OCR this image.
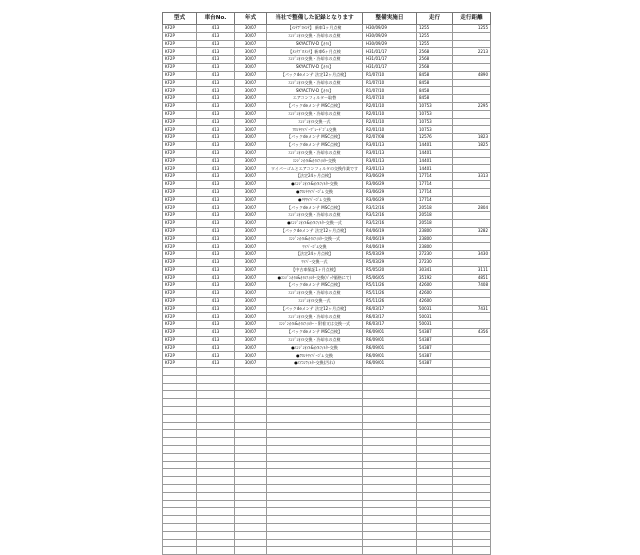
型式	車台No.	年式	当社で整備した記録となります	整備実施日	走行	走行距離
KF2P	413	30/07	【ﾒﾝﾃﾌﾟﾛﾒﾝﾃ】 新車1ヶ月点検	H30/09/29	1255	1255
KF2P	413	30/07	ｴﾝｼﾞﾝｵｲﾙ交換・冷却水の点検	H30/09/29	1255	
KF2P	413	30/07	SKYACTIV-D【ｵｲﾙ】	H30/09/29	1255	
KF2P	413	30/07	【ﾒﾝﾃﾌﾟﾛﾒﾝﾃ】新車6ヶ月点検	H31/01/17	2568	2213
KF2P	413	30/07	ｴﾝｼﾞﾝｵｲﾙ交換・冷却水の点検	H31/01/17	2568	
KF2P	413	30/07	SKYACTIV-D【ｵｲﾙ】	H31/01/17	2568	
KF2P	413	30/07	【パックdeメンテ 法定12ヶ月点検】	R1/07/10	8458	4890
KF2P	413	30/07	ｴﾝｼﾞﾝｵｲﾙ交換・冷却水の点検	R1/07/10	8458	
KF2P	413	30/07	SKYACTIV-D【ｵｲﾙ】	R1/07/10	8458	
KF2P	413	30/07	エアコンフィルター取替	R1/07/10	8458	
KF2P	413	30/07	【パックdeメンテ MSC点検】	R2/01/10	10753	2295
KF2P	413	30/07	ｴﾝｼﾞﾝｵｲﾙ交換・冷却水の点検	R2/01/10	10753	
KF2P	413	30/07	ｴﾝｼﾞﾝｵｲﾙ交換一式	R2/01/10	10753	
KF2P	413	30/07	ﾌﾛﾝﾄﾜｲﾊﾟｰﾌﾞﾚｰﾄﾞｺﾞﾑ交換	R2/01/10	10753	
KF2P	413	30/07	【パックdeメンテ MSC点検】	R2/07/08	12576	1823
KF2P	413	30/07	【パックdeメンテ MSC点検】	R3/01/13	14401	1825
KF2P	413	30/07	ｴﾝｼﾞﾝｵｲﾙ交換・冷却水の点検	R3/01/13	14401	
KF2P	413	30/07	ｴﾝｼﾞﾝｵｲﾙ&ｵｲﾙﾌｨﾙﾀｰ交換	R3/01/13	14401	
KF2P	413	30/07	ワイパーゴムとエアコンフィルタの交換作業です	R3/01/13	14401	
KF2P	413	30/07	【法定24ヶ月点検】	R3/06/29	17714	3313
KF2P	413	30/07	●ｴﾝｼﾞﾝｵｲﾙ&ｵｲﾙﾌｨﾙﾀｰ交換	R3/06/29	17714	
KF2P	413	30/07	●ﾌﾛﾝﾄﾜｲﾊﾟｰｺﾞﾑ 交換	R3/06/29	17714	
KF2P	413	30/07	●ﾘﾔﾜｲﾊﾟｰｺﾞﾑ 交換	R3/06/29	17714	
KF2P	413	30/07	【パックdeメンテ MSC点検】	R3/12/16	20518	2804
KF2P	413	30/07	ｴﾝｼﾞﾝｵｲﾙ交換・冷却水の点検	R3/12/16	20518	
KF2P	413	30/07	●ｴﾝｼﾞﾝｵｲﾙ&ｵｲﾙﾌｨﾙﾀｰ交換一式	R3/12/16	20518	
KF2P	413	30/07	【パックdeメンテ 法定12ヶ月点検】	R4/06/19	23800	3282
KF2P	413	30/07	ｴﾝｼﾞﾝｵｲﾙ&ｵｲﾙﾌｨﾙﾀｰ交換一式	R4/06/19	23800	
KF2P	413	30/07	ﾜｲﾊﾟｰｺﾞﾑ交換	R4/06/19	23800	
KF2P	413	30/07	【法定24ヶ月点検】	R5/03/29	27230	3430
KF2P	413	30/07	ﾜｲﾊﾟｰ交換一式	R5/03/29	27230	
KF2P	413	30/07	【中古車保証1ヶ月点検】	R5/05/20	30341	3111
KF2P	413	30/07	●ｴﾝｼﾞﾝｵｲﾙ&ｵｲﾙﾌｨﾙﾀｰ交換(ﾊﾟｯｸ価格にて)	R5/06/05	35192	4851
KF2P	413	30/07	【パックdeメンテ MSC点検】	R5/11/26	42600	7408
KF2P	413	30/07	ｴﾝｼﾞﾝｵｲﾙ交換・冷却水の点検	R5/11/26	42600	
KF2P	413	30/07	ｴﾝｼﾞﾝｵｲﾙ交換一式	R5/11/26	42600	
KF2P	413	30/07	【パックdeメンテ 法定12ヶ月点検】	R6/03/17	50031	7431
KF2P	413	30/07	ｴﾝｼﾞﾝｵｲﾙ交換・冷却水の点検	R6/03/17	50031	
KF2P	413	30/07	ｴﾝｼﾞﾝｵｲﾙ&ｵｲﾙﾌｨﾙﾀｰ・附着又は交換一式	R6/03/17	50031	
KF2P	413	30/07	【パックdeメンテ MSC点検】	R6/09/01	54387	4356
KF2P	413	30/07	ｴﾝｼﾞﾝｵｲﾙ交換・冷却水の点検	R6/09/01	54387	
KF2P	413	30/07	●ｴﾝｼﾞﾝｵｲﾙ&ｵｲﾙﾌｨﾙﾀｰ交換	R6/09/01	54387	
KF2P	413	30/07	●ﾌﾛﾝﾄﾜｲﾊﾟｰｺﾞﾑ 交換	R6/09/01	54387	
KF2P	413	30/07	●ｴｱｺﾝﾌｨﾙﾀｰ交換(汚れ)	R6/09/01	54387	
